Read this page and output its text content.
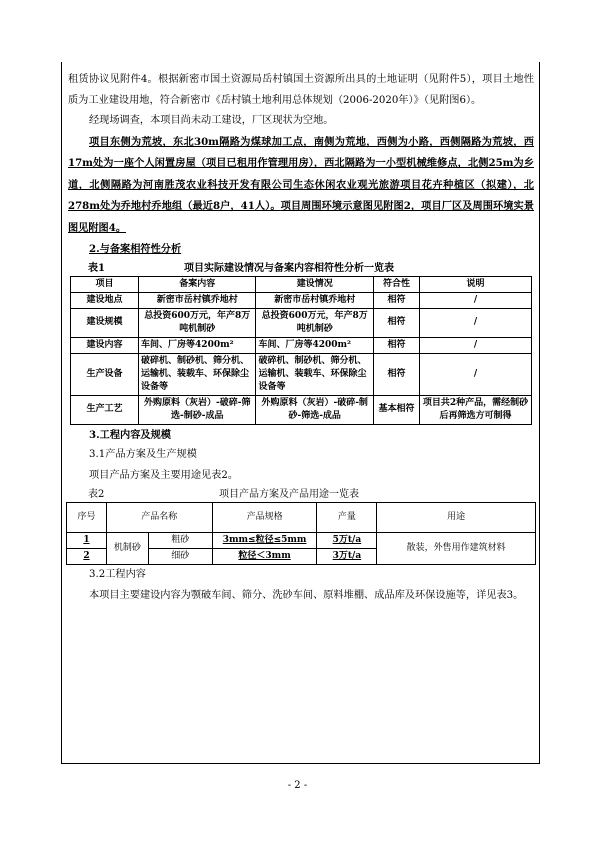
租赁协议见附件4。根据新密市国土资源局岳村镇国土资源所出具的土地证明（见附件5），项目土地性质为工业建设用地，符合新密市《岳村镇土地利用总体规划（2006-2020年）》（见附图6）。

经现场调查，本项目尚未动工建设，厂区现状为空地。

项目东侧为荒坡，东北30m隔路为煤球加工点，南侧为荒地，西侧为小路，西侧隔路为荒坡，西17m处为一座个人闲置房屋（项目已租用作管理用房），西北隔路为一小型机械维修点，北侧25m为乡道，北侧隔路为河南胜茂农业科技开发有限公司生态休闲农业观光旅游项目花卉种植区（拟建），北278m处为乔地村乔地组（最近8户，41人）。项目周围环境示意图见附图2，项目厂区及周围环境实景图见附图4。

2.与备案相符性分析

表1	项目实际建设情况与备案内容相符性分析一览表
项目	备案内容	建设情况	符合性	说明
建设地点	新密市岳村镇乔地村	新密市岳村镇乔地村	相符	/
建设规模	总投资600万元，年产8万吨机制砂	总投资600万元，年产8万吨机制砂	相符	/
建设内容	车间、厂房等4200m²	车间、厂房等4200m²	相符	/
生产设备	破碎机、制砂机、筛分机、运输机、装载车、环保除尘设备等	破碎机、制砂机、筛分机、运输机、装载车、环保除尘设备等	相符	/
生产工艺	外购原料（灰岩）-破碎-筛选-制砂-成品	外购原料（灰岩）-破碎-制砂-筛选-成品	基本相符	项目共2种产品，需经制砂后再筛选方可制得

3.工程内容及规模

3.1产品方案及生产规模

项目产品方案及主要用途见表2。

表2	项目产品方案及产品用途一览表
序号	产品名称		产品规格	产量	用途
1	机制砂	粗砂	3mm≤粒径≤5mm	5万t/a	散装，外售用作建筑材料
2		细砂	粒径＜3mm	3万t/a	

3.2工程内容

本项目主要建设内容为颚破车间、筛分、洗砂车间、原料堆棚、成品库及环保设施等，详见表3。

- 2 -
